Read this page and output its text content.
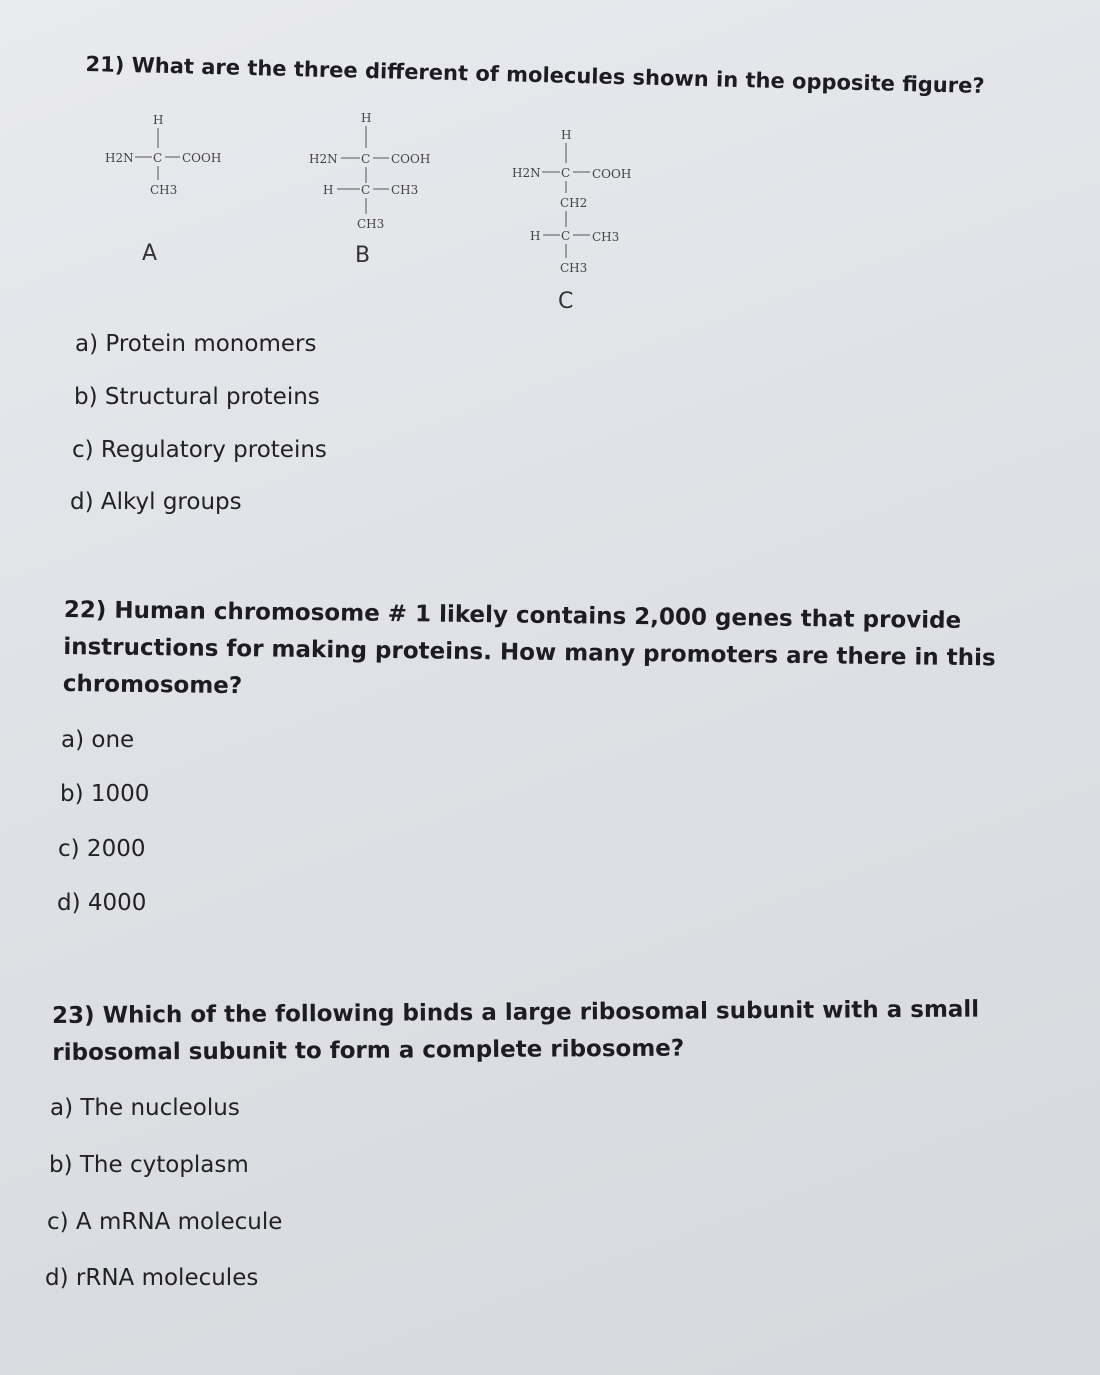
21) What are the three different of molecules shown in the opposite figure?
H
H2N C COOH
CH3
A
H
H2N C COOH
H C CH3
CH3
B
H
H2N C COOH
CH2
H C CH3
CH3
C

a) Protein monomers

b) Structural proteins

c) Regulatory proteins

d) Alkyl groups

22) Human chromosome # 1 likely contains 2,000 genes that provide

instructions for making proteins. How many promoters are there in this

chromosome?

a) one

b) 1000

c) 2000

d) 4000

23) Which of the following binds a large ribosomal subunit with a small

ribosomal subunit to form a complete ribosome?

a) The nucleolus

b) The cytoplasm

c) A mRNA molecule

d) rRNA molecules
